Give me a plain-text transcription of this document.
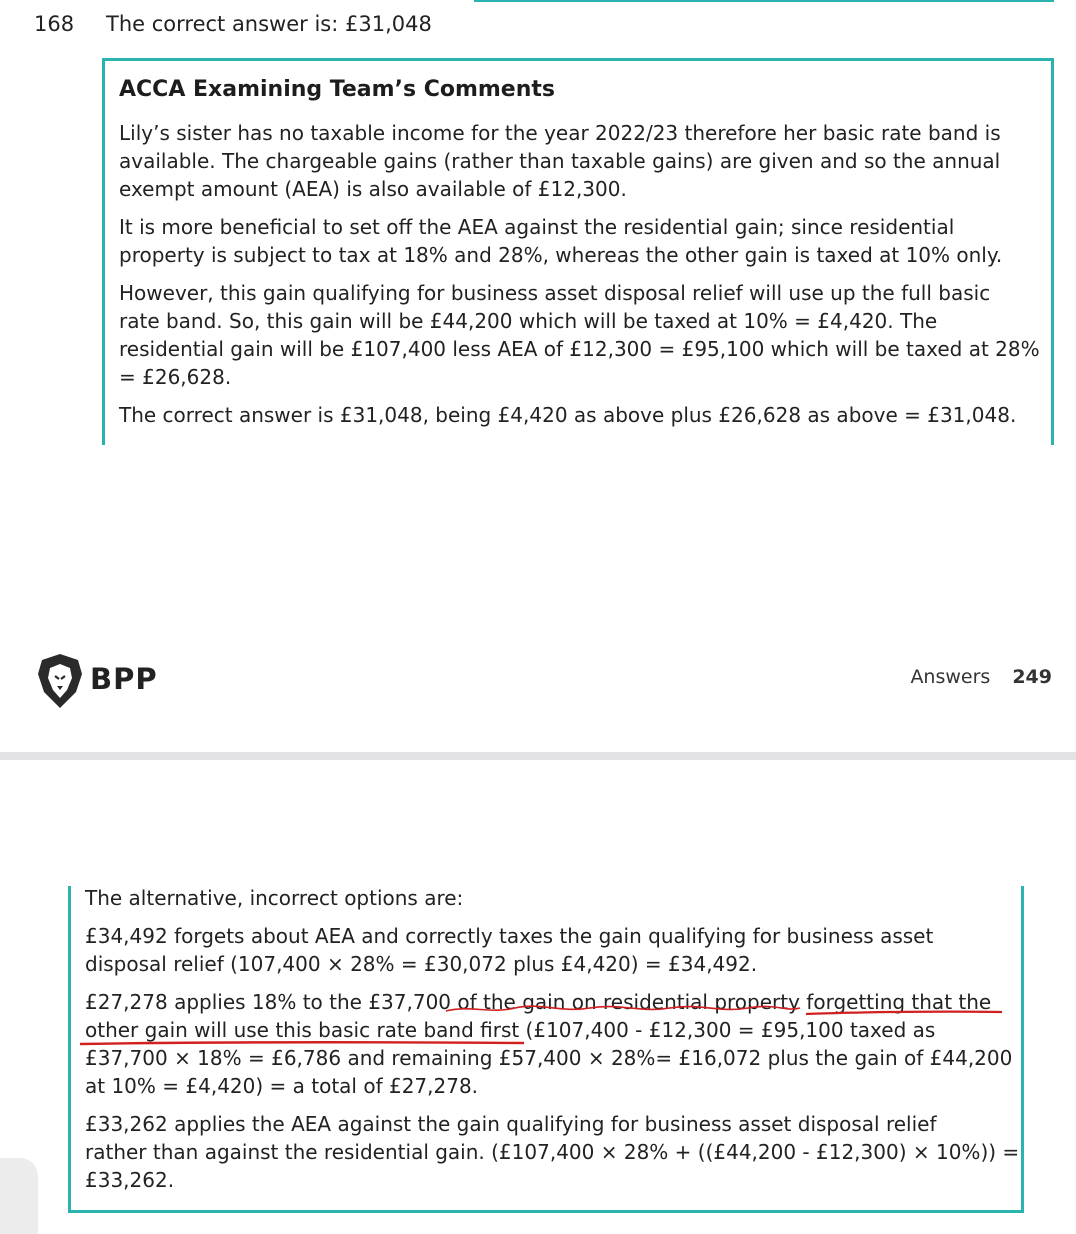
168 The correct answer is: £31,048
ACCA Examining Team’s Comments
Lily’s sister has no taxable income for the year 2022/23 therefore her basic rate band is
available. The chargeable gains (rather than taxable gains) are given and so the annual
exempt amount (AEA) is also available of £12,300.
It is more beneficial to set off the AEA against the residential gain; since residential
property is subject to tax at 18% and 28%, whereas the other gain is taxed at 10% only.
However, this gain qualifying for business asset disposal relief will use up the full basic
rate band. So, this gain will be £44,200 which will be taxed at 10% = £4,420. The
residential gain will be £107,400 less AEA of £12,300 = £95,100 which will be taxed at 28%
= £26,628.
The correct answer is £31,048, being £4,420 as above plus £26,628 as above = £31,048.
BPP	Answers 249
The alternative, incorrect options are:
£34,492 forgets about AEA and correctly taxes the gain qualifying for business asset
disposal relief (107,400 × 28% = £30,072 plus £4,420) = £34,492.
£27,278 applies 18% to the £37,700 of the gain on residential property forgetting that the
other gain will use this basic rate band first (£107,400 - £12,300 = £95,100 taxed as
£37,700 × 18% = £6,786 and remaining £57,400 × 28%= £16,072 plus the gain of £44,200
at 10% = £4,420) = a total of £27,278.
£33,262 applies the AEA against the gain qualifying for business asset disposal relief
rather than against the residential gain. (£107,400 × 28% + ((£44,200 - £12,300) × 10%)) =
£33,262.
